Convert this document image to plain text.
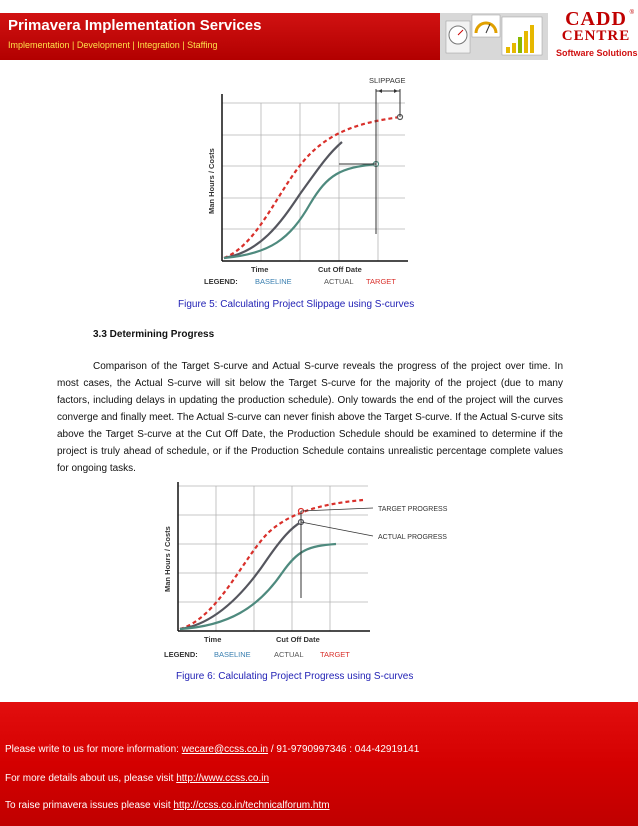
Primavera Implementation Services
Implementation | Development | Integration | Staffing
CADD
CENTRE
®
Software Solutions
SLIPPAGE
Man Hours / Costs
Time	Cut Off Date
LEGEND: BASELINE	ACTUAL TARGET
Figure 5: Calculating Project Slippage using S-curves
3.3 Determining Progress
Comparison of the Target S-curve and Actual S-curve reveals the progress of the project over time. In most cases, the Actual S-curve will sit below the Target S-curve for the majority of the project (due to many factors, including delays in updating the production schedule). Only towards the end of the project will the curves converge and finally meet. The Actual S-curve can never finish above the Target S-curve. If the Actual S-curve sits above the Target S-curve at the Cut Off Date, the Production Schedule should be examined to determine if the project is truly ahead of schedule, or if the Production Schedule contains unrealistic percentage complete values for ongoing tasks.
TARGET PROGRESS
ACTUAL PROGRESS
Man Hours / Costs
Time	Cut Off Date
LEGEND: BASELINE	ACTUAL TARGET
Figure 6: Calculating Project Progress using S-curves
Please write to us for more information: wecare@ccss.co.in / 91-9790997346 : 044-42919141
For more details about us, please visit http://www.ccss.co.in
To raise primavera issues please visit http://ccss.co.in/technicalforum.htm
